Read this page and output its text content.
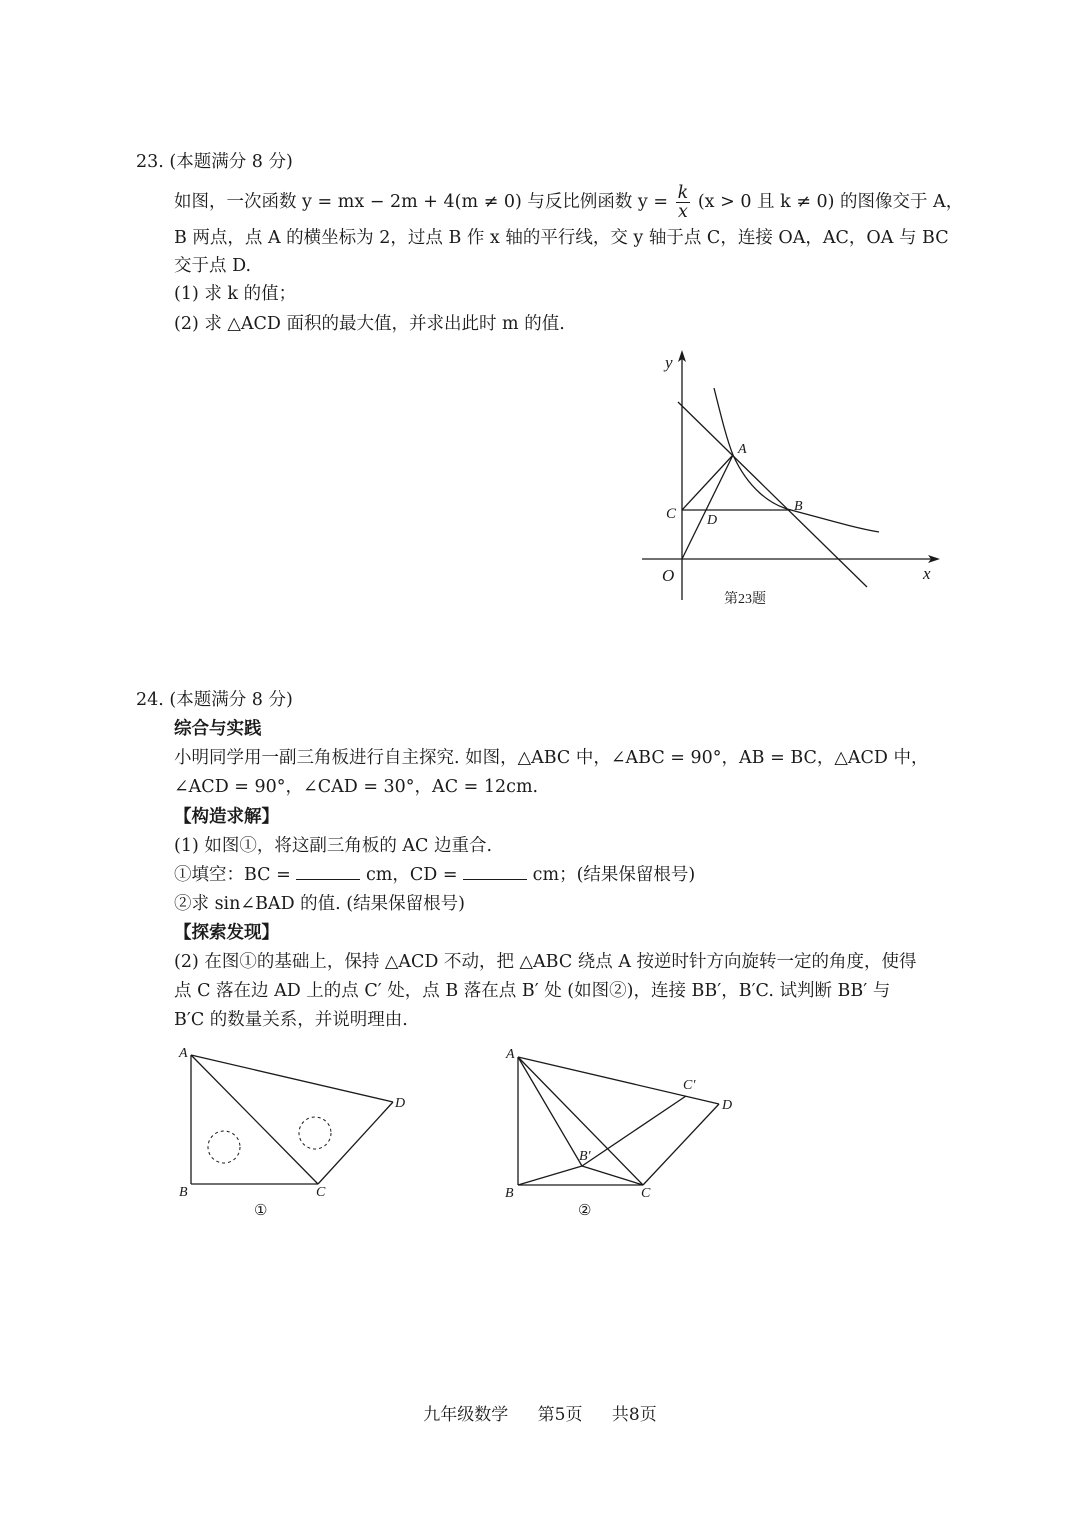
23. (本题满分 8 分)
如图，一次函数 y = mx − 2m + 4(m ≠ 0) 与反比例函数 $y = \frac{k}{x} (x > 0$ 且 k ≠ 0) 的图像交于 A，
B 两点，点 A 的横坐标为 2，过点 B 作 x 轴的平行线，交 y 轴于点 C，连接 OA，AC，OA 与 BC
交于点 D.
(1) 求 k 的值；
(2) 求 △ACD 面积的最大值，并求出此时 m 的值.
y
x
O
A
B
C D
第23题
24. (本题满分 8 分)
综合与实践
小明同学用一副三角板进行自主探究. 如图，△ABC 中，∠ABC = 90°，AB = BC，△ACD 中，
∠ACD = 90°，∠CAD = 30°，AC = 12cm.
【构造求解】
(1) 如图①，将这副三角板的 AC 边重合.
①填空：BC =	cm，CD =	cm；(结果保留根号)
②求 sin∠BAD 的值. (结果保留根号)
【探索发现】
(2) 在图①的基础上，保持 △ACD 不动，把 △ABC 绕点 A 按逆时针方向旋转一定的角度，使得
点 C 落在边 AD 上的点 C′ 处，点 B 落在点 B′ 处 (如图②)，连接 BB′，B′C. 试判断 BB′ 与
B′C 的数量关系，并说明理由.
A
B	C
D
①
A
B	C
D
C′
B′
②
九年级数学 第5页 共8页
